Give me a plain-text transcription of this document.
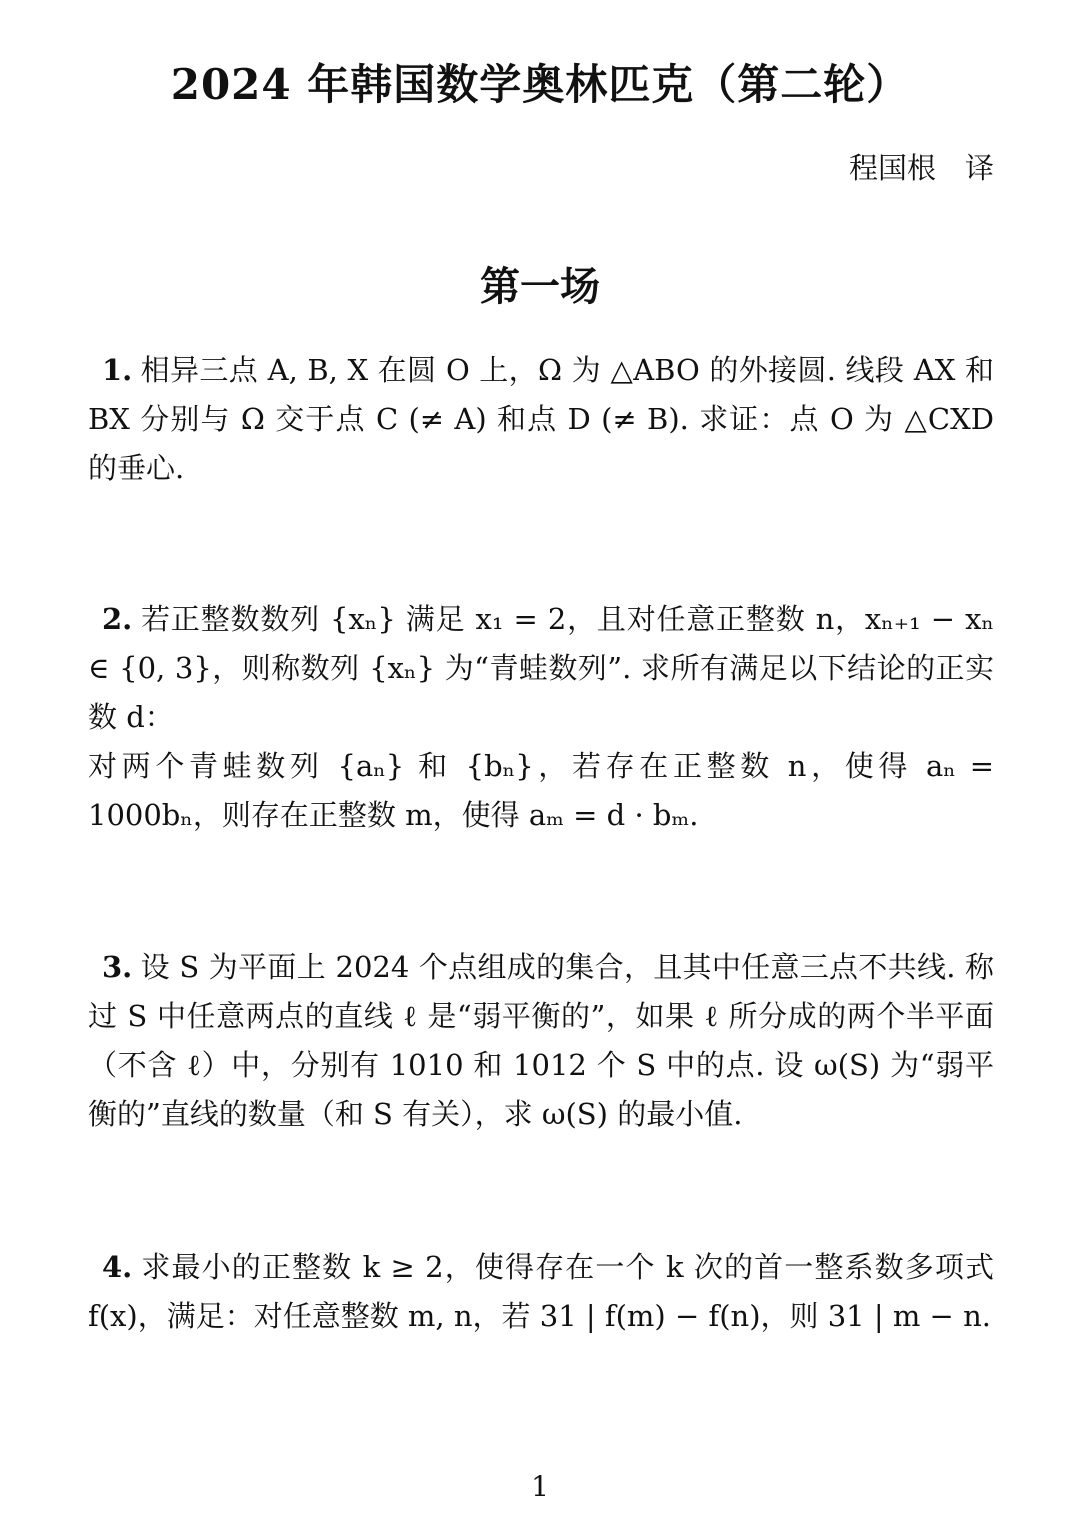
2024 年韩国数学奥林匹克（第二轮）
程国根　译
第一场

1. 相异三点 A, B, X 在圆 O 上，Ω 为 △ABO 的外接圆. 线段 AX 和 BX 分别与 Ω 交于点 C (≠ A) 和点 D (≠ B). 求证：点 O 为 △CXD 的垂心.

2. 若正整数数列 {xₙ} 满足 x₁ = 2，且对任意正整数 n，xₙ₊₁ − xₙ ∈ {0, 3}，则称数列 {xₙ} 为“青蛙数列”. 求所有满足以下结论的正实数 d：

对两个青蛙数列 {aₙ} 和 {bₙ}，若存在正整数 n，使得 aₙ = 1000bₙ，则存在正整数 m，使得 aₘ = d · bₘ.

3. 设 S 为平面上 2024 个点组成的集合，且其中任意三点不共线. 称过 S 中任意两点的直线 ℓ 是“弱平衡的”，如果 ℓ 所分成的两个半平面（不含 ℓ）中，分别有 1010 和 1012 个 S 中的点. 设 ω(S) 为“弱平衡的”直线的数量（和 S 有关），求 ω(S) 的最小值.

4. 求最小的正整数 k ≥ 2，使得存在一个 k 次的首一整系数多项式 f(x)，满足：对任意整数 m, n，若 31 | f(m) − f(n)，则 31 | m − n.

1
